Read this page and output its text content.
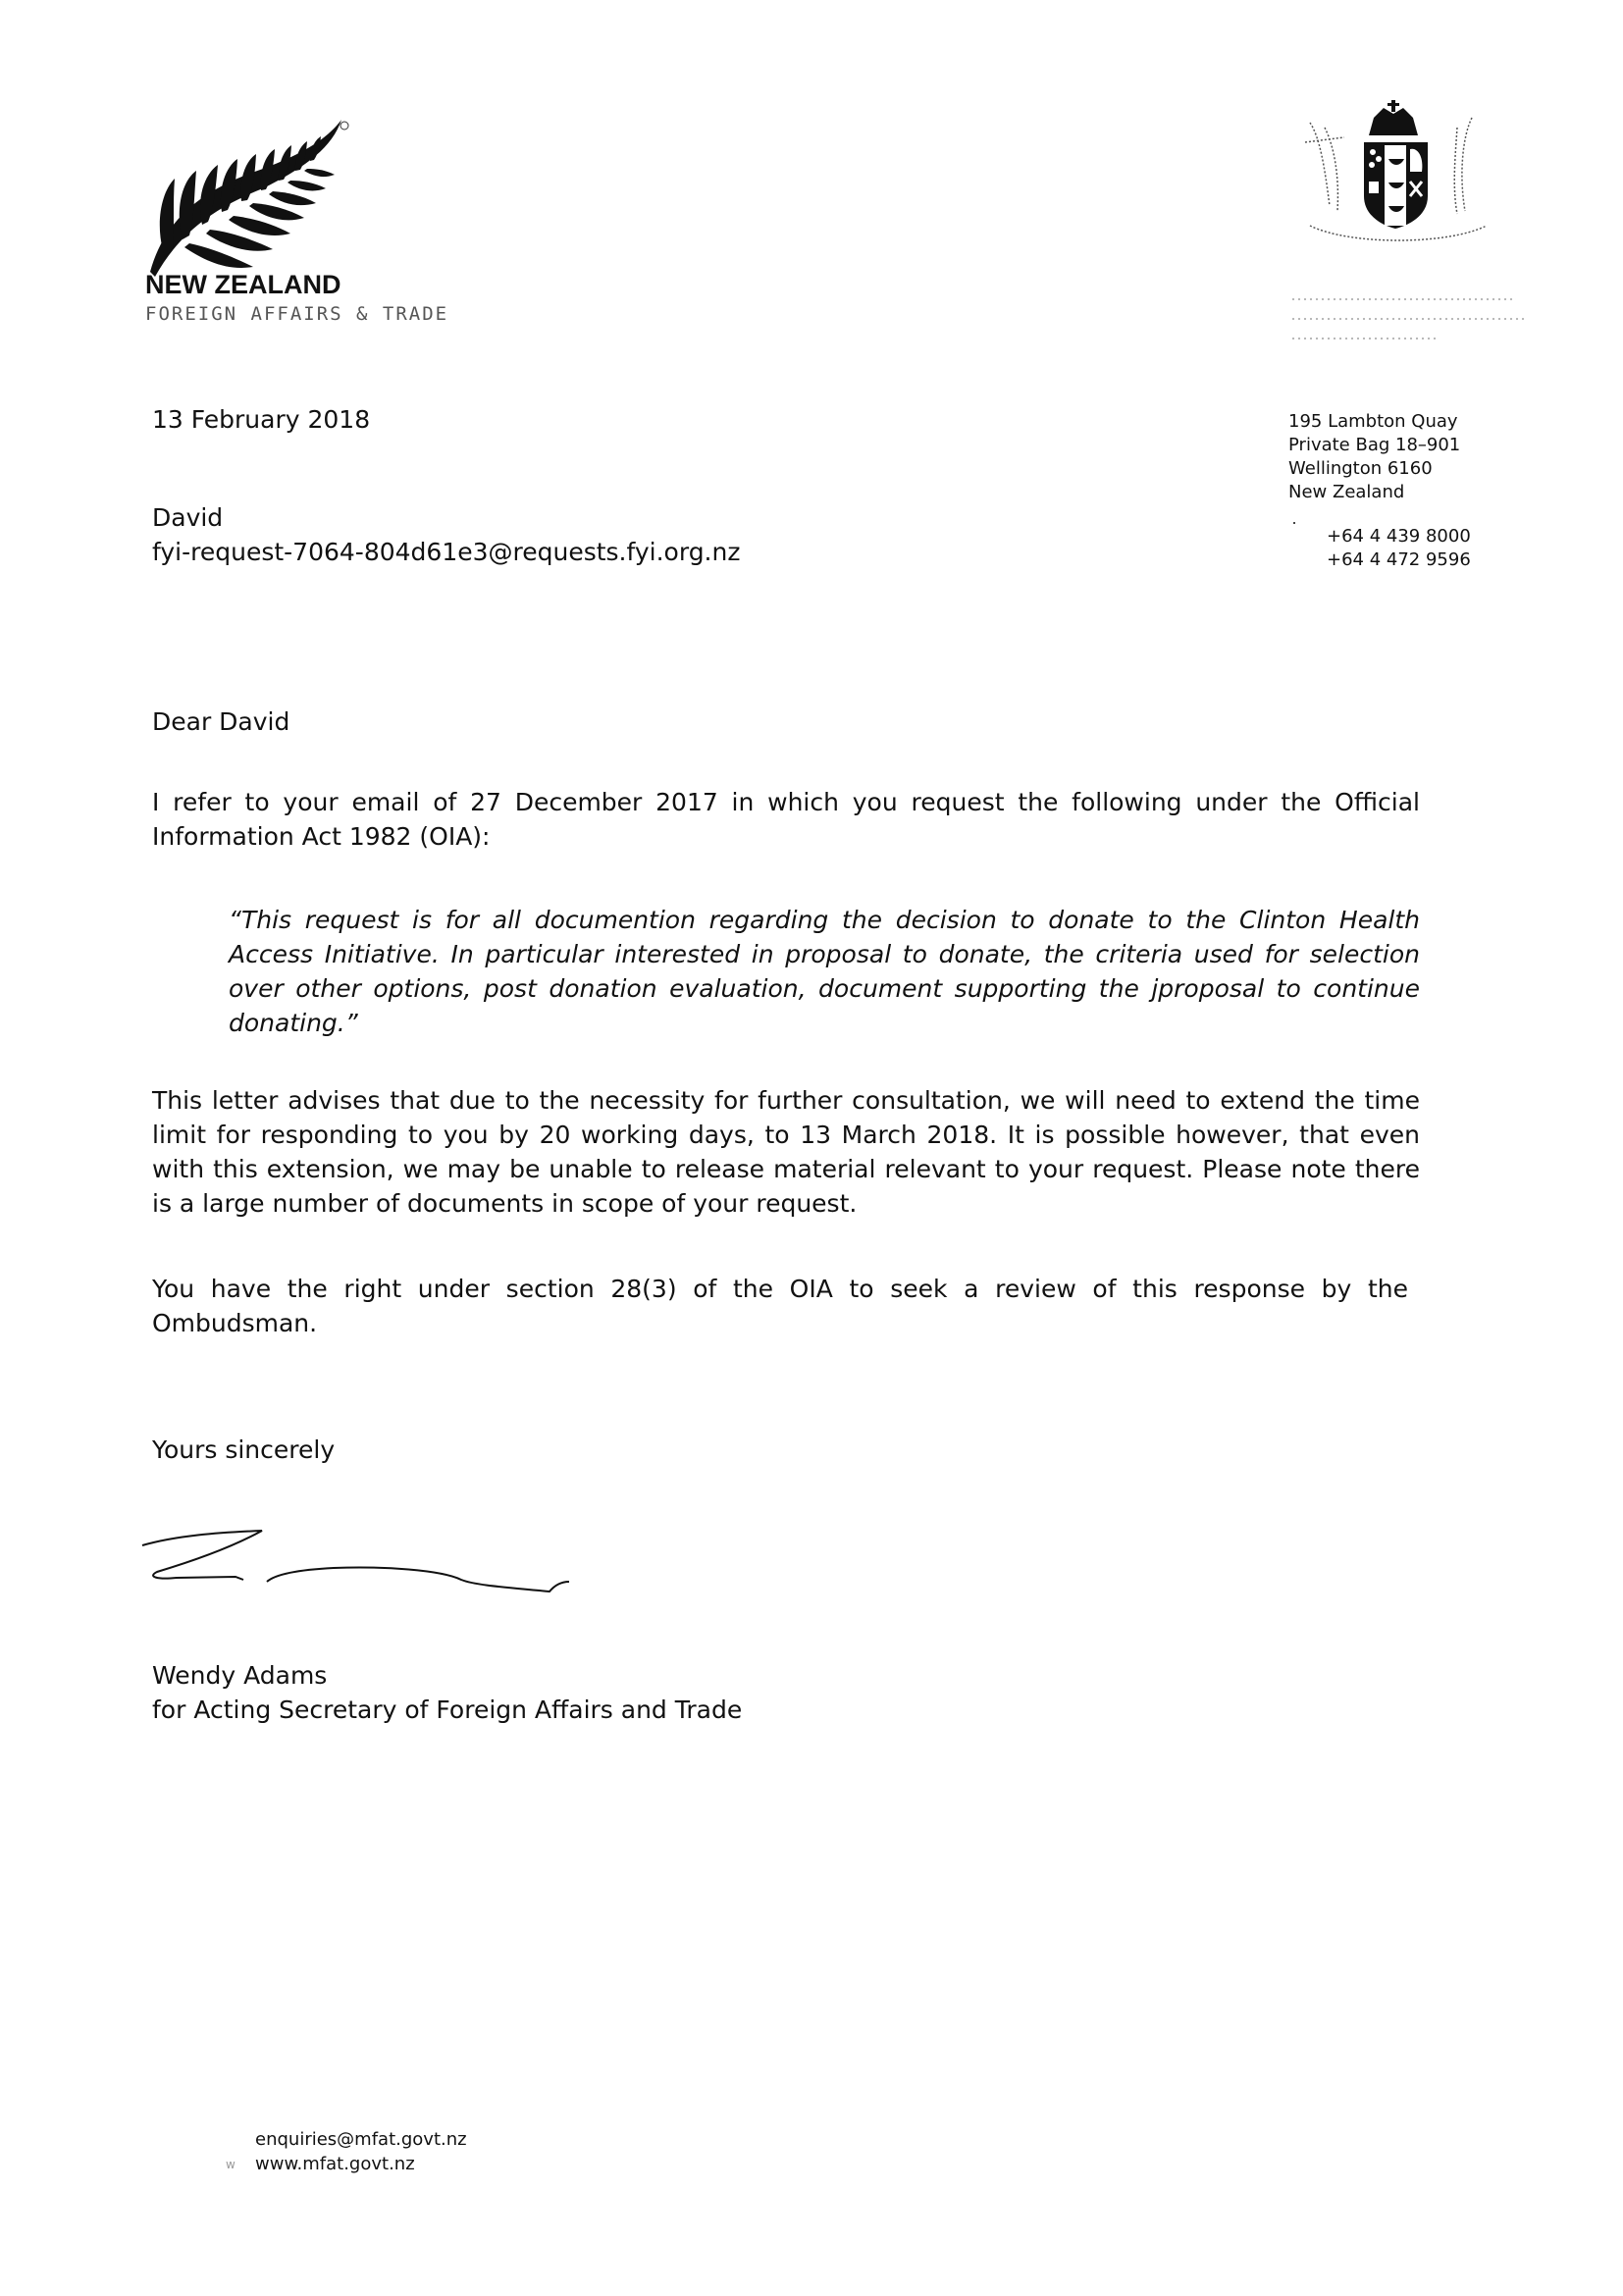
NEW ZEALAND
FOREIGN AFFAIRS & TRADE
13 February 2018
David
fyi-request-7064-804d61e3@requests.fyi.org.nz
195 Lambton Quay
Private Bag 18–901
Wellington 6160
New Zealand
+64 4 439 8000
+64 4 472 9596
Dear David
I refer to your email of 27 December 2017 in which you request the following under the Official Information Act 1982 (OIA):
“This request is for all documention regarding the decision to donate to the Clinton Health Access Initiative. In particular interested in proposal to donate, the criteria used for selection over other options, post donation evaluation, document supporting the jproposal to continue donating.”
This letter advises that due to the necessity for further consultation, we will need to extend the time limit for responding to you by 20 working days, to 13 March 2018. It is possible however, that even with this extension, we may be unable to release material relevant to your request. Please note there is a large number of documents in scope of your request.
You have the right under section 28(3) of the OIA to seek a review of this response by the Ombudsman.
Yours sincerely
Wendy Adams
for Acting Secretary of Foreign Affairs and Trade
enquiries@mfat.govt.nz
w www.mfat.govt.nz
